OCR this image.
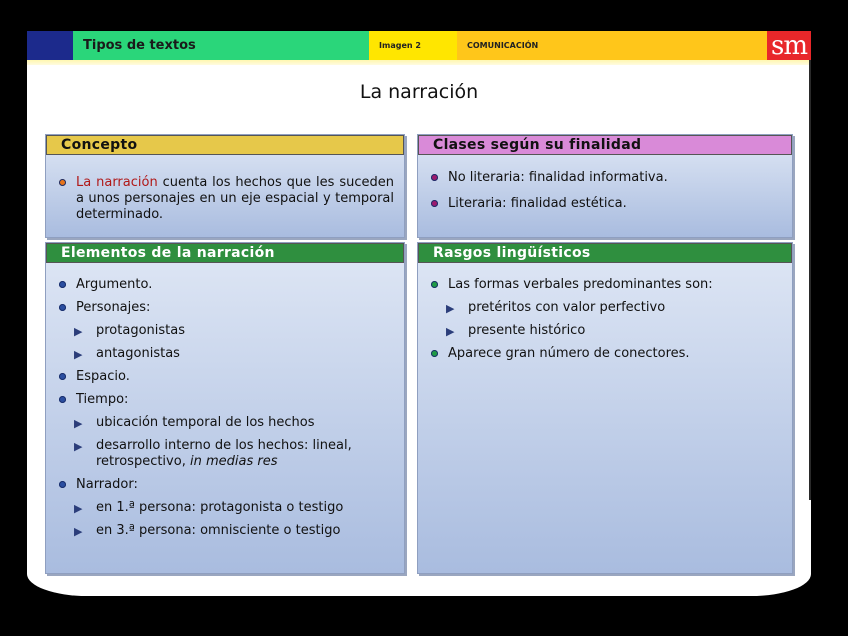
Tipos de textos	Imagen 2	COMUNICACIÓN	sm
La narración
Concepto
La narración cuenta los hechos que les suceden a unos personajes en un eje espacial y temporal determinado.
Clases según su finalidad
No literaria: finalidad informativa.
Literaria: finalidad estética.
Elementos de la narración
Argumento.
Personajes:
▶ protagonistas
▶ antagonistas
Espacio.
Tiempo:
▶ ubicación temporal de los hechos
▶ desarrollo interno de los hechos: lineal, retrospectivo, in medias res
Narrador:
▶ en 1.ª persona: protagonista o testigo
▶ en 3.ª persona: omnisciente o testigo
Rasgos lingüísticos
Las formas verbales predominantes son:
▶ pretéritos con valor perfectivo
▶ presente histórico
Aparece gran número de conectores.
